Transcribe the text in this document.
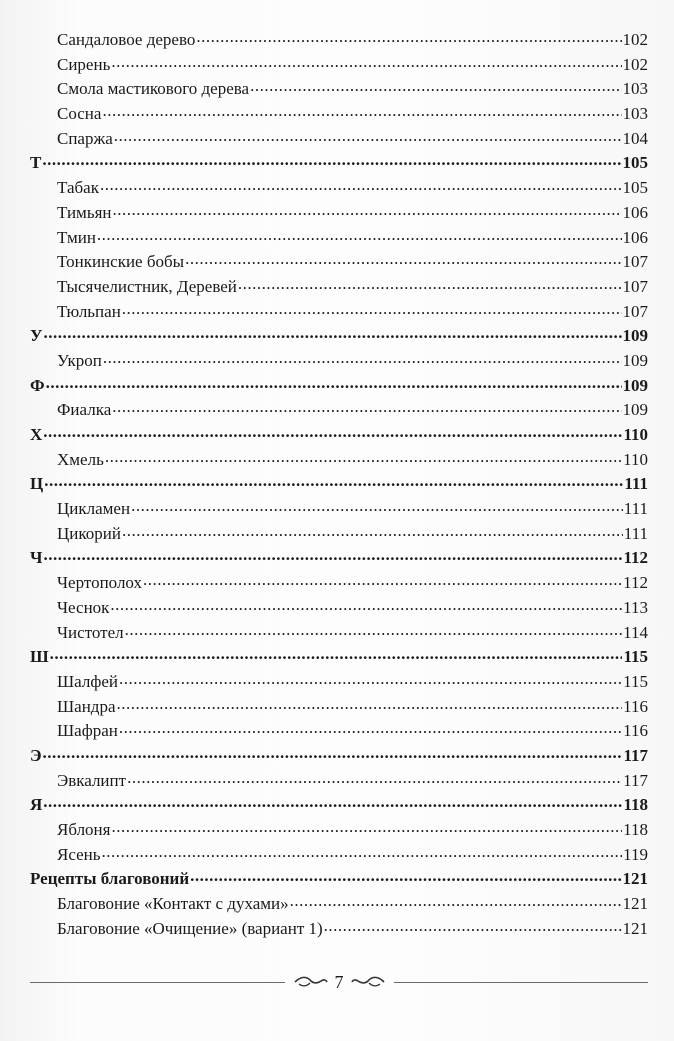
Сандаловое дерево .....	102
Сирень .....	102
Смола мастикового дерева .....	103
Сосна .....	103
Спаржа .....	104
Т .....	105
Табак .....	105
Тимьян .....	106
Тмин .....	106
Тонкинские бобы .....	107
Тысячелистник, Деревей .....	107
Тюльпан .....	107
У .....	109
Укроп .....	109
Ф .....	109
Фиалка .....	109
Х .....	110
Хмель .....	110
Ц .....	111
Цикламен .....	111
Цикорий .....	111
Ч .....	112
Чертополох .....	112
Чеснок .....	113
Чистотел .....	114
Ш .....	115
Шалфей .....	115
Шандра .....	116
Шафран .....	116
Э .....	117
Эвкалипт .....	117
Я .....	118
Яблоня .....	118
Ясень .....	119
Рецепты благовоний .....	121
Благовоние «Контакт с духами» .....	121
Благовоние «Очищение» (вариант 1) .....	121
7
